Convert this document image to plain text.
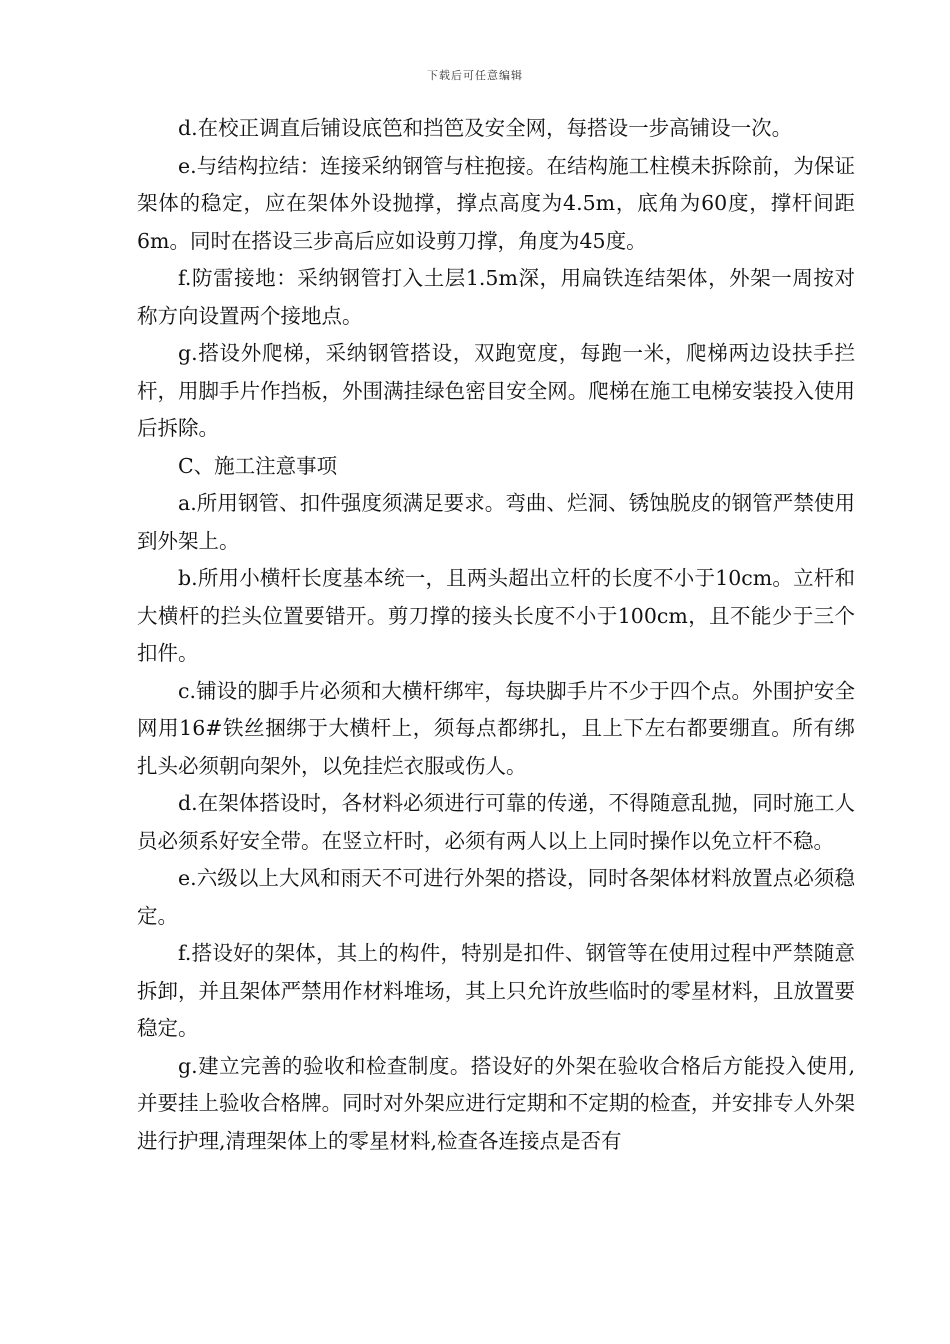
下载后可任意编辑

d.在校正调直后铺设底笆和挡笆及安全网，每搭设一步高铺设一次。

e.与结构拉结：连接采纳钢管与柱抱接。在结构施工柱模未拆除前，为保证架体的稳定，应在架体外设抛撑，撑点高度为4.5m，底角为60度，撑杆间距6m。同时在搭设三步高后应如设剪刀撑，角度为45度。

f.防雷接地：采纳钢管打入土层1.5m深，用扁铁连结架体，外架一周按对称方向设置两个接地点。

g.搭设外爬梯，采纳钢管搭设，双跑宽度，每跑一米，爬梯两边设扶手拦杆，用脚手片作挡板，外围满挂绿色密目安全网。爬梯在施工电梯安装投入使用后拆除。

C、施工注意事项

a.所用钢管、扣件强度须满足要求。弯曲、烂洞、锈蚀脱皮的钢管严禁使用到外架上。

b.所用小横杆长度基本统一，且两头超出立杆的长度不小于10cm。立杆和大横杆的拦头位置要错开。剪刀撑的接头长度不小于100cm，且不能少于三个扣件。

c.铺设的脚手片必须和大横杆绑牢，每块脚手片不少于四个点。外围护安全网用16#铁丝捆绑于大横杆上，须每点都绑扎，且上下左右都要绷直。所有绑扎头必须朝向架外，以免挂烂衣服或伤人。

d.在架体搭设时，各材料必须进行可靠的传递，不得随意乱抛，同时施工人员必须系好安全带。在竖立杆时，必须有两人以上上同时操作以免立杆不稳。

e.六级以上大风和雨天不可进行外架的搭设，同时各架体材料放置点必须稳定。

f.搭设好的架体，其上的构件，特别是扣件、钢管等在使用过程中严禁随意拆卸，并且架体严禁用作材料堆场，其上只允许放些临时的零星材料，且放置要稳定。

g.建立完善的验收和检查制度。搭设好的外架在验收合格后方能投入使用,并要挂上验收合格牌。同时对外架应进行定期和不定期的检查，并安排专人外架进行护理,清理架体上的零星材料,检查各连接点是否有
